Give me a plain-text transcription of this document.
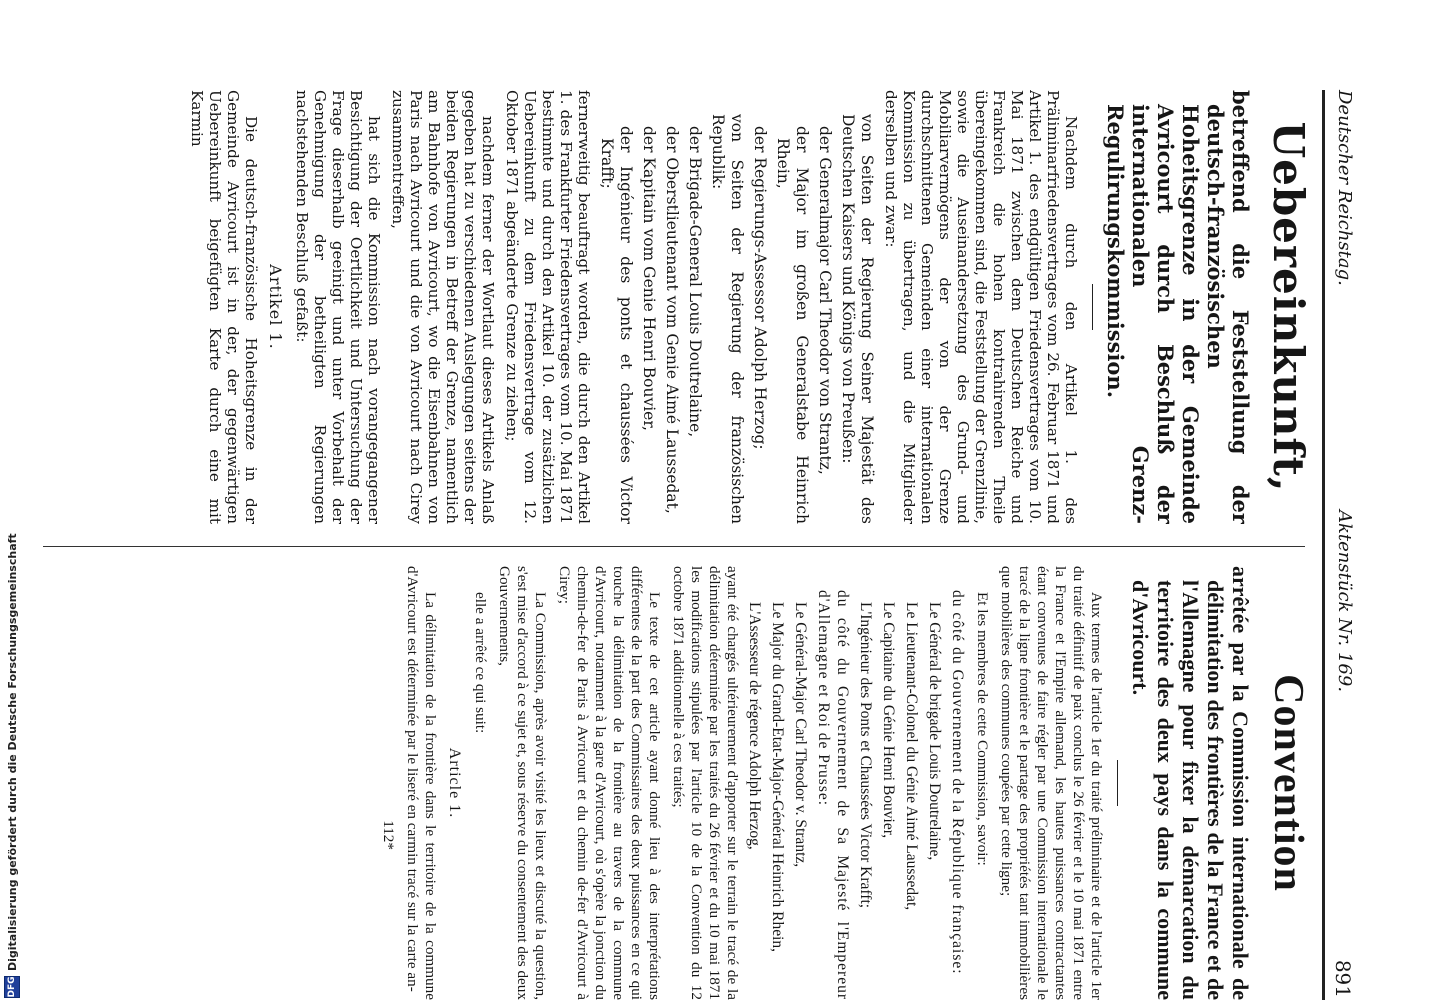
Deutscher Reichstag.
Aktenstück Nr. 169.
891
Uebereinkunft,
betreffend die Feststellung der deutsch-französischen Hoheitsgrenze in der Gemeinde Avricourt durch Beschluß der internationalen Grenz-Regulirungskommission.
Nachdem durch den Artikel 1. des Präliminarfriedensvertrages vom 26. Februar 1871 und Artikel 1. des endgültigen Friedensvertrages vom 10. Mai 1871 zwischen dem Deutschen Reiche und Frankreich die hohen kontrahirenden Theile übereingekommen sind, die Feststellung der Grenzlinie, sowie die Auseinandersetzung des Grund- und Mobiliarvermögens der von der Grenze durchschnittenen Gemeinden einer internationalen Kommission zu übertragen, und die Mitglieder derselben und zwar:
von Seiten der Regierung Seiner Majestät des Deutschen Kaisers und Königs von Preußen:
der Generalmajor Carl Theodor von Strantz,
der Major im großen Generalstabe Heinrich Rhein,
der Regierungs-Assessor Adolph Herzog;
von Seiten der Regierung der französischen Republik:
der Brigade-General Louis Doutrelaine,
der Oberstlieutenant vom Genie Aimé Laussedat,
der Kapitain vom Genie Henri Bouvier,
der Ingénieur des ponts et chaussées Victor Krafft;
fernerweitig beauftragt worden, die durch den Artikel 1. des Frankfurter Friedensvertrages vom 10. Mai 1871 bestimmte und durch den Artikel 10. der zusätzlichen Uebereinkunft zu dem Friedensvertrage vom 12. Oktober 1871 abgeänderte Grenze zu ziehen;
nachdem ferner der Wortlaut dieses Artikels Anlaß gegeben hat zu verschiedenen Auslegungen seitens der beiden Regierungen in Betreff der Grenze, namentlich am Bahnhofe von Avricourt, wo die Eisenbahnen von Paris nach Avricourt und die von Avricourt nach Cirey zusammentreffen,
hat sich die Kommission nach vorangegangener Besichtigung der Oertlichkeit und Untersuchung der Frage dieserhalb geeinigt und unter Vorbehalt der Genehmigung der betheiligten Regierungen nachstehenden Beschluß gefaßt:
Artikel 1.
Die deutsch-französische Hoheitsgrenze in der Gemeinde Avricourt ist in der, der gegenwärtigen Uebereinkunft beigefügten Karte durch eine mit Karmin
Convention
arrêtée par la Commission internationale de délimitation des frontières de la France et de l'Allemagne pour fixer la démarcation du territoire des deux pays dans la commune d'Avricourt.
Aux termes de l'article 1er du traité préliminaire et de l'article 1er du traité définitif de paix conclus le 26 février et le 10 mai 1871 entre la France et l'Empire allemand, les hautes puissances contractantes étant convenues de faire régler par une Commission internationale le tracé de la ligne frontière et le partage des propriétés tant immobilières que mobilières des communes coupées par cette ligne;
Et les membres de cette Commission, savoir:
du côté du Gouvernement de la République française:
Le Général de brigade Louis Doutrelaine,
Le Lieutenant-Colonel du Génie Aimé Laussedat,
Le Capitaine du Génie Henri Bouvier,
L'Ingénieur des Ponts et Chaussées Victor Krafft;
du côté du Gouvernement de Sa Majesté l'Empereur d'Allemagne et Roi de Prusse:
Le Général-Major Carl Theodor v. Strantz,
Le Major du Grand-Etat-Major-Général Heinrich Rhein,
L'Assesseur de régence Adolph Herzog,
ayant été chargés ultérieurement d'apporter sur le terrain le tracé de la délimitation déterminée par les traités du 26 février et du 10 mai 1871 les modifications stipulées par l'article 10 de la Convention du 12 octobre 1871 additionnelle à ces traités;
Le texte de cet article ayant donné lieu à des interprétations différentes de la part des Commissaires des deux puissances en ce qui touche la délimitation de la frontière au travers de la commune d'Avricourt, notamment à la gare d'Avricourt, où s'opère la jonction du chemin-de-fer de Paris à Avricourt et du chemin de-fer d'Avricourt à Cirey;
La Commission, après avoir visité les lieux et discuté la question, s'est mise d'accord à ce sujet et, sous réserve du consentement des deux Gouvernements,
elle a arrêté ce qui suit:
Article 1.
La délimitation de la frontière dans le territoire de la commune d'Avricourt est déterminée par le liseré en carmin tracé sur la carte an-
112*
DFG
Digitalisierung gefördert durch die Deutsche Forschungsgemeinschaft
